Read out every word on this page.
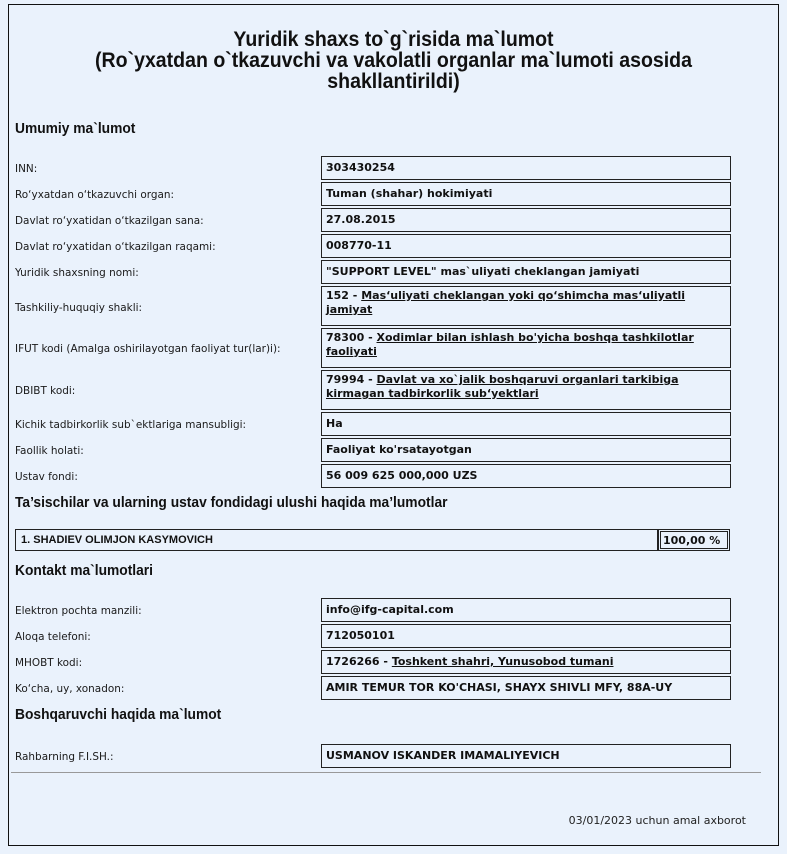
Yuridik shaxs to`g`risida ma`lumot
(Ro`yxatdan o`tkazuvchi va vakolatli organlar ma`lumoti asosida
shakllantirildi)
Umumiy ma`lumot
INN:	303430254
Ro‘yxatdan o‘tkazuvchi organ:	Tuman (shahar) hokimiyati
Davlat ro‘yxatidan o‘tkazilgan sana:	27.08.2015
Davlat ro‘yxatidan o‘tkazilgan raqami:	008770-11
Yuridik shaxsning nomi:	"SUPPORT LEVEL" mas`uliyati cheklangan jamiyati
Tashkiliy-huquqiy shakli:
152 - Mas‘uliyati cheklangan yoki qo‘shimcha mas‘uliyatli jamiyat
IFUT kodi (Amalga oshirilayotgan faoliyat tur(lar)i):
78300 - Xodimlar bilan ishlash bo'yicha boshqa tashkilotlar faoliyati
DBIBT kodi:
79994 - Davlat va xo`jalik boshqaruvi organlari tarkibiga kirmagan tadbirkorlik sub‘yektlari
Kichik tadbirkorlik sub`ektlariga mansubligi:	Ha
Faollik holati:	Faoliyat ko'rsatayotgan
Ustav fondi:	56 009 625 000,000 UZS
Ta’sischilar va ularning ustav fondidagi ulushi haqida ma’lumotlar
1. SHADIEV OLIMJON KASYMOVICH	100,00 %
Kontakt ma`lumotlari
Elektron pochta manzili:	info@ifg-capital.com
Aloqa telefoni:	712050101
MHOBT kodi:	1726266 - Toshkent shahri, Yunusobod tumani
Ko‘cha, uy, xonadon:	AMIR TEMUR TOR KO'CHASI, SHAYX SHIVLI MFY, 88A-UY
Boshqaruvchi haqida ma`lumot
Rahbarning F.I.SH.:	USMANOV ISKANDER IMAMALIYEVICH
03/01/2023 uchun amal axborot
